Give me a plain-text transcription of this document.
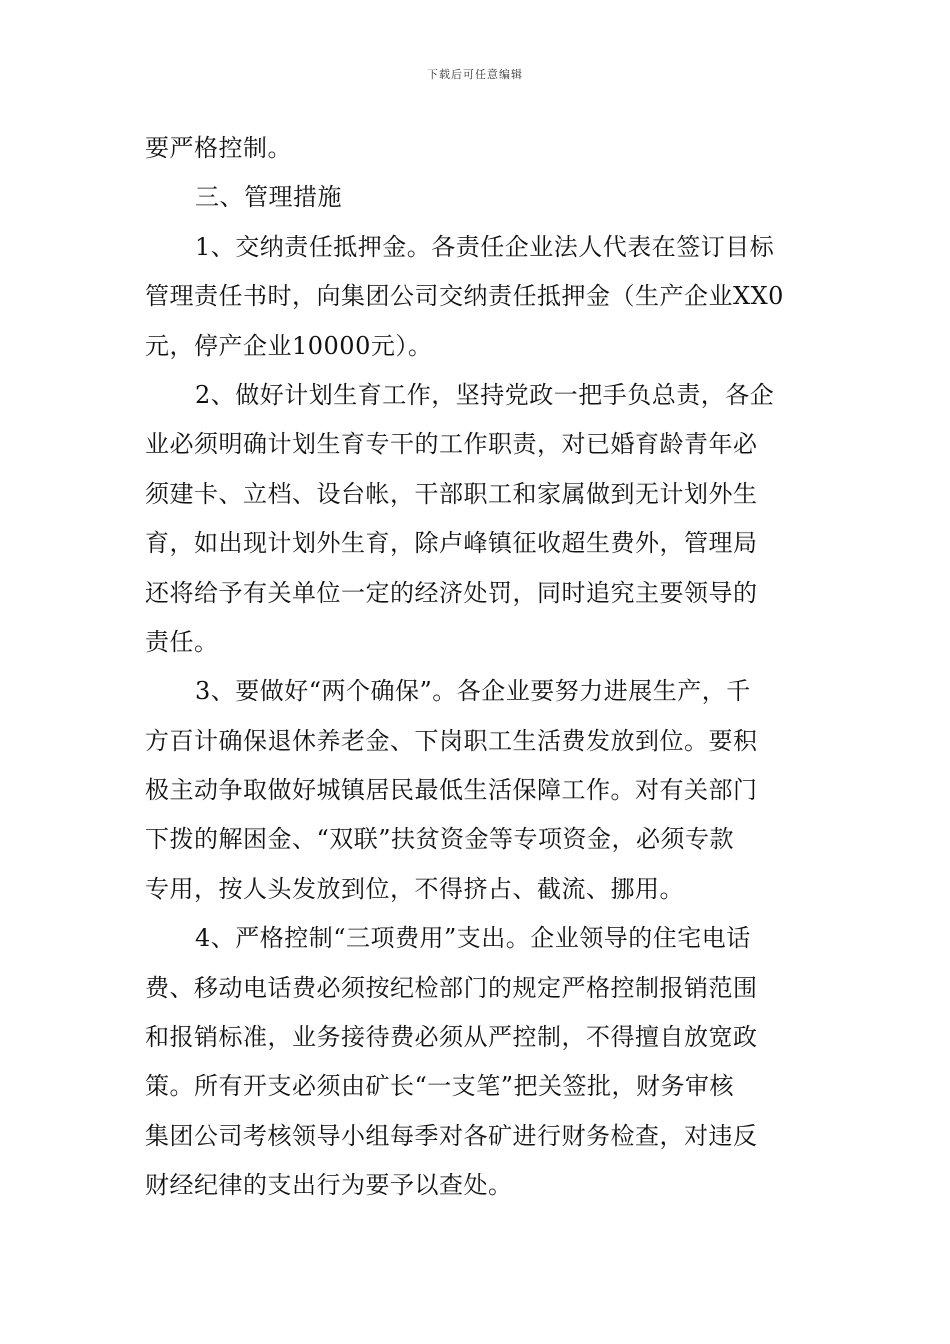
下载后可任意编辑
要严格控制。
三、管理措施
1、交纳责任抵押金。各责任企业法人代表在签订目标
管理责任书时，向集团公司交纳责任抵押金（生产企业XX0
元，停产企业10000元）。
2、做好计划生育工作，坚持党政一把手负总责，各企
业必须明确计划生育专干的工作职责，对已婚育龄青年必
须建卡、立档、设台帐，干部职工和家属做到无计划外生
育，如出现计划外生育，除卢峰镇征收超生费外，管理局
还将给予有关单位一定的经济处罚，同时追究主要领导的
责任。
3、要做好“两个确保”。各企业要努力进展生产，千
方百计确保退休养老金、下岗职工生活费发放到位。要积
极主动争取做好城镇居民最低生活保障工作。对有关部门
下拨的解困金、“双联”扶贫资金等专项资金，必须专款
专用，按人头发放到位，不得挤占、截流、挪用。
4、严格控制“三项费用”支出。企业领导的住宅电话
费、移动电话费必须按纪检部门的规定严格控制报销范围
和报销标准，业务接待费必须从严控制，不得擅自放宽政
策。所有开支必须由矿长“一支笔”把关签批，财务审核
集团公司考核领导小组每季对各矿进行财务检查，对违反
财经纪律的支出行为要予以查处。
